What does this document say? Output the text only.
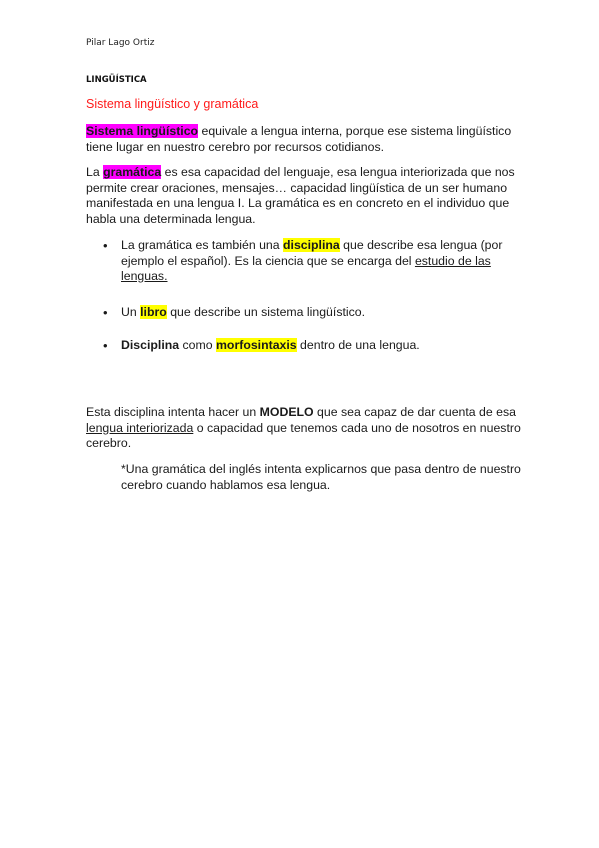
Pilar Lago Ortiz
LINGÜÍSTICA
Sistema lingüístico y gramática

Sistema lingüístico equivale a lengua interna, porque ese sistema lingüístico tiene lugar en nuestro cerebro por recursos cotidianos.

La gramática es esa capacidad del lenguaje, esa lengua interiorizada que nos permite crear oraciones, mensajes… capacidad lingüística de un ser humano manifestada en una lengua I. La gramática es en concreto en el individuo que habla una determinada lengua.

• La gramática es también una disciplina que describe esa lengua (por ejemplo el español). Es la ciencia que se encarga del estudio de las lenguas.
• Un libro que describe un sistema lingüístico.
• Disciplina como morfosintaxis dentro de una lengua.

Esta disciplina intenta hacer un MODELO que sea capaz de dar cuenta de esa lengua interiorizada o capacidad que tenemos cada uno de nosotros en nuestro cerebro.

*Una gramática del inglés intenta explicarnos que pasa dentro de nuestro cerebro cuando hablamos esa lengua.
